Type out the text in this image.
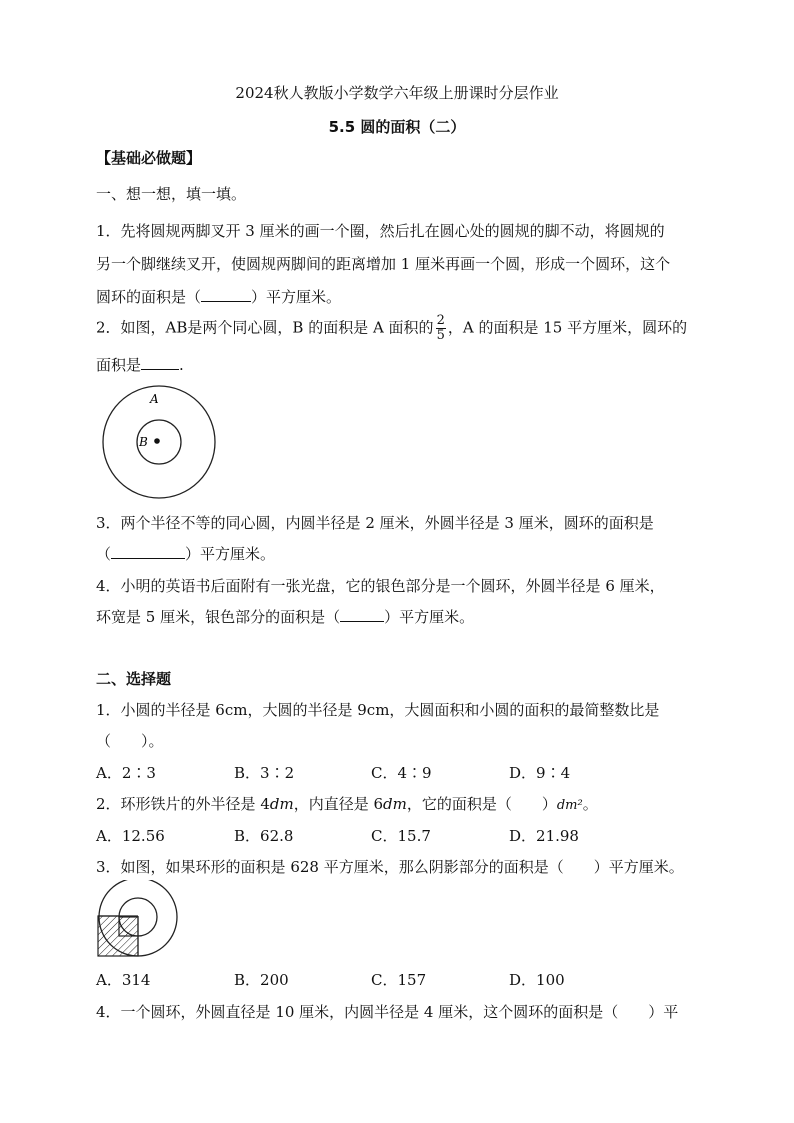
2024秋人教版小学数学六年级上册课时分层作业
5.5 圆的面积（二）
【基础必做题】
一、想一想，填一填。
1．先将圆规两脚叉开 3 厘米的画一个圈，然后扎在圆心处的圆规的脚不动，将圆规的
另一个脚继续叉开，使圆规两脚间的距离增加 1 厘米再画一个圆，形成一个圆环，这个
圆环的面积是（	）平方厘米。
2．如图，AB是两个同心圆，B 的面积是 A 面积的 $\frac{2}{5}$ ，A 的面积是 15 平方厘米，圆环的
面积是	.
A
B
3．两个半径不等的同心圆，内圆半径是 2 厘米，外圆半径是 3 厘米，圆环的面积是
（	）平方厘米。
4．小明的英语书后面附有一张光盘，它的银色部分是一个圆环，外圆半径是 6 厘米，
环宽是 5 厘米，银色部分的面积是（	）平方厘米。
二、选择题
1．小圆的半径是 6cm，大圆的半径是 9cm，大圆面积和小圆的面积的最简整数比是
（　　）。
A．2∶3	B．3∶2	C．4∶9	D．9∶4
2．环形铁片的外半径是 4dm，内直径是 6dm，它的面积是（　　）dm²。
A．12.56	B．62.8	C．15.7	D．21.98
3．如图，如果环形的面积是 628 平方厘米，那么阴影部分的面积是（　　）平方厘米。
A．314	B．200	C．157	D．100
4．一个圆环，外圆直径是 10 厘米，内圆半径是 4 厘米，这个圆环的面积是（　　）平
